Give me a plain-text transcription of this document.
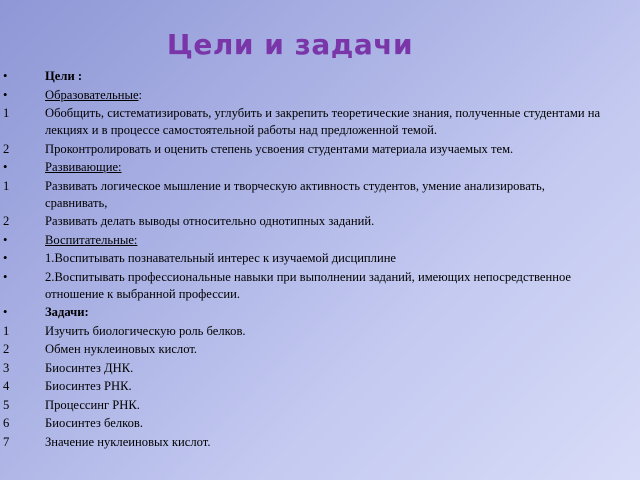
Цели и задачи
•	Цели :
•	Образовательные:
1	Обобщить, систематизировать, углубить и закрепить теоретические знания, полученные студентами на лекциях и в процессе самостоятельной работы над предложенной темой.
2	Проконтролировать и оценить степень усвоения студентами материала изучаемых тем.
•	Развивающие:
1	Развивать логическое мышление и творческую активность студентов, умение анализировать, сравнивать,
2	Развивать делать выводы относительно однотипных заданий.
•	Воспитательные:
•	1.Воспитывать познавательный интерес к изучаемой дисциплине
•	2.Воспитывать профессиональные навыки при выполнении заданий, имеющих непосредственное отношение к выбранной профессии.
•	Задачи:
1	Изучить биологическую роль белков.
2	Обмен нуклеиновых кислот.
3	Биосинтез ДНК.
4	Биосинтез РНК.
5	Процессинг РНК.
6	Биосинтез белков.
7	Значение нуклеиновых кислот.
